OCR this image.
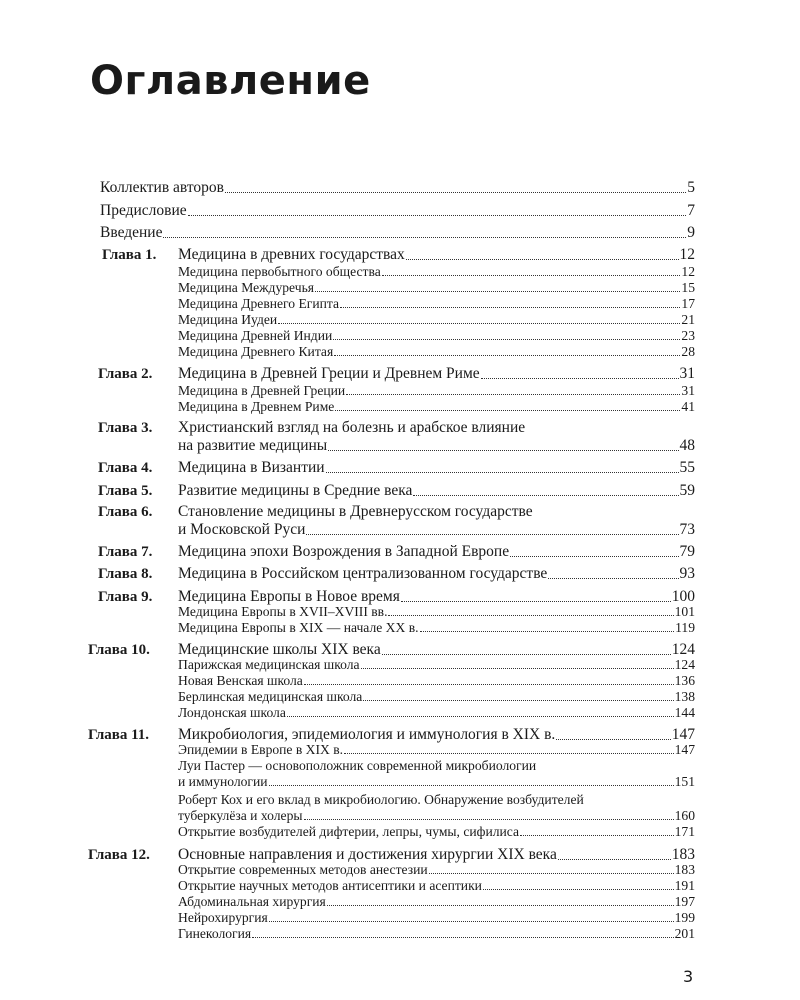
Оглавление
Коллектив авторов	5
Предисловие	7
Введение	9
Глава 1. Медицина в древних государствах	12
Медицина первобытного общества	12
Медицина Междуречья	15
Медицина Древнего Египта	17
Медицина Иудеи	21
Медицина Древней Индии	23
Медицина Древнего Китая	28
Глава 2. Медицина в Древней Греции и Древнем Риме	31
Медицина в Древней Греции	31
Медицина в Древнем Риме	41
Глава 3. Христианский взгляд на болезнь и арабское влияние
на развитие медицины	48
Глава 4. Медицина в Византии	55
Глава 5. Развитие медицины в Средние века	59
Глава 6. Становление медицины в Древнерусском государстве
и Московской Руси	73
Глава 7. Медицина эпохи Возрождения в Западной Европе	79
Глава 8. Медицина в Российском централизованном государстве	93
Глава 9. Медицина Европы в Новое время	100
Медицина Европы в XVII–XVIII вв.	101
Медицина Европы в XIX — начале XX в.	119
Глава 10. Медицинские школы XIX века	124
Парижская медицинская школа	124
Новая Венская школа	136
Берлинская медицинская школа	138
Лондонская школа	144
Глава 11. Микробиология, эпидемиология и иммунология в XIX в.	147
Эпидемии в Европе в XIX в.	147
Луи Пастер — основоположник современной микробиологии
и иммунологии	151
Роберт Кох и его вклад в микробиологию. Обнаружение возбудителей
туберкулёза и холеры	160
Открытие возбудителей дифтерии, лепры, чумы, сифилиса	171
Глава 12. Основные направления и достижения хирургии XIX века	183
Открытие современных методов анестезии	183
Открытие научных методов антисептики и асептики	191
Абдоминальная хирургия	197
Нейрохирургия	199
Гинекология	201
3
